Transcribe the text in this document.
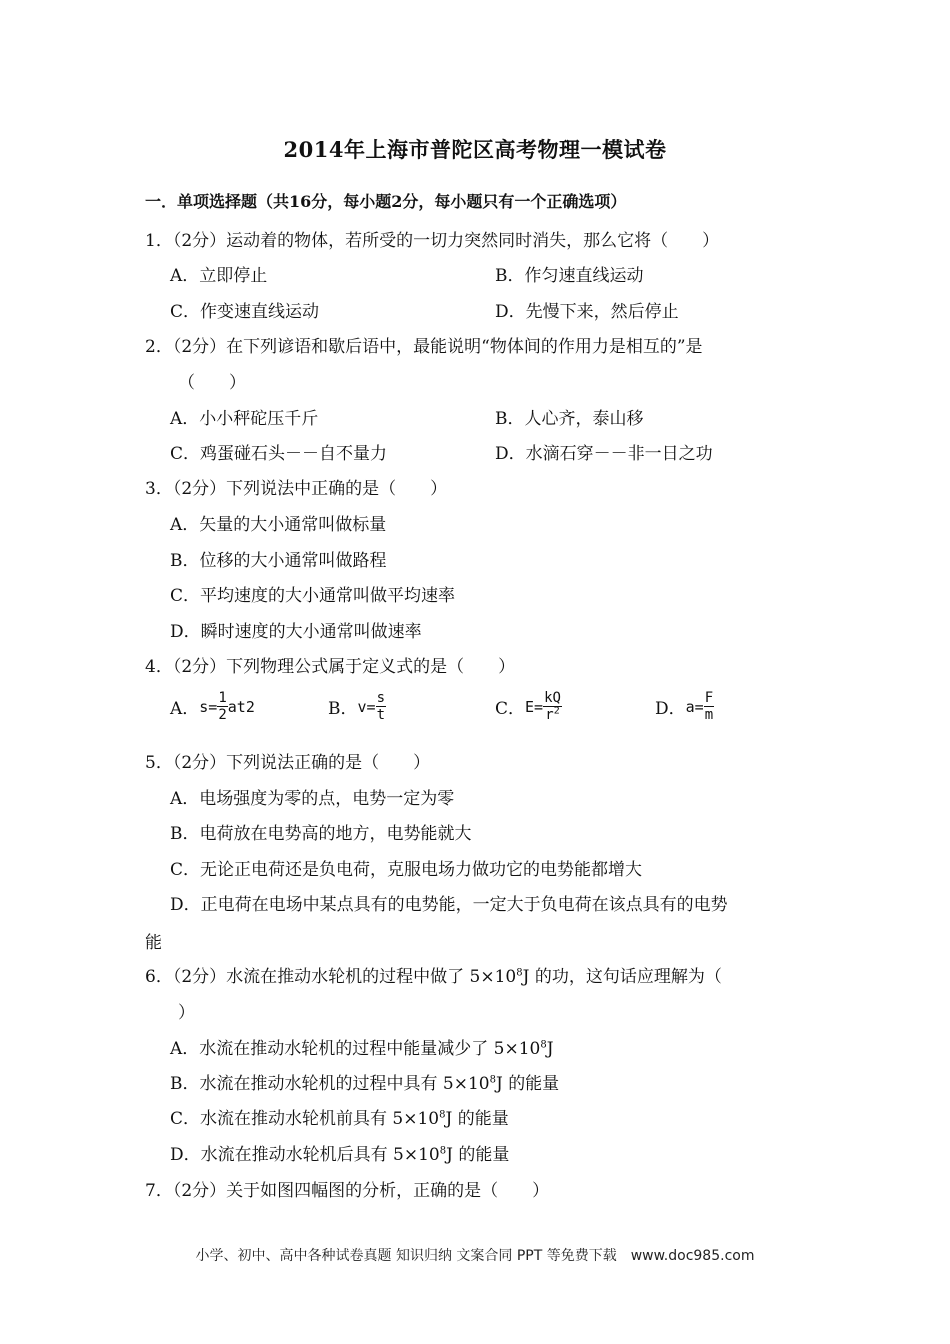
2014年上海市普陀区高考物理一模试卷
一．单项选择题（共16分，每小题2分，每小题只有一个正确选项）
1．（2分）运动着的物体，若所受的一切力突然同时消失，那么它将（　　）
A．立即停止	B．作匀速直线运动
C．作变速直线运动	D．先慢下来，然后停止
2．（2分）在下列谚语和歇后语中，最能说明“物体间的作用力是相互的”是
（　　）
A．小小秤砣压千斤	B．人心齐，泰山移
C．鸡蛋碰石头－－自不量力	D．水滴石穿－－非一日之功
3．（2分）下列说法中正确的是（　　）
A．矢量的大小通常叫做标量
B．位移的大小通常叫做路程
C．平均速度的大小通常叫做平均速率
D．瞬时速度的大小通常叫做速率
4．（2分）下列物理公式属于定义式的是（　　）
A． $s= \frac{1}{2}$ at 2	B． $v= \frac{s}{t}$	C． $E= \frac{kQ}{r^2}$	D． $a= \frac{F}{m}$
5．（2分）下列说法正确的是（　　）
A．电场强度为零的点，电势一定为零
B．电荷放在电势高的地方，电势能就大
C．无论正电荷还是负电荷，克服电场力做功它的电势能都增大
D．正电荷在电场中某点具有的电势能，一定大于负电荷在该点具有的电势
能
6．（2分）水流在推动水轮机的过程中做了 $5\times 10^8J$ 的功，这句话应理解为（
）
A．水流在推动水轮机的过程中能量减少了 $5\times 10^8J$
B．水流在推动水轮机的过程中具有 $5\times 10^8J$ 的能量
C．水流在推动水轮机前具有 $5\times 10^8J$ 的能量
D．水流在推动水轮机后具有 $5\times 10^8J$ 的能量
7．（2分）关于如图四幅图的分析，正确的是（　　）
小学、初中、高中各种试卷真题 知识归纳 文案合同 PPT 等免费下载　www.doc985.com
